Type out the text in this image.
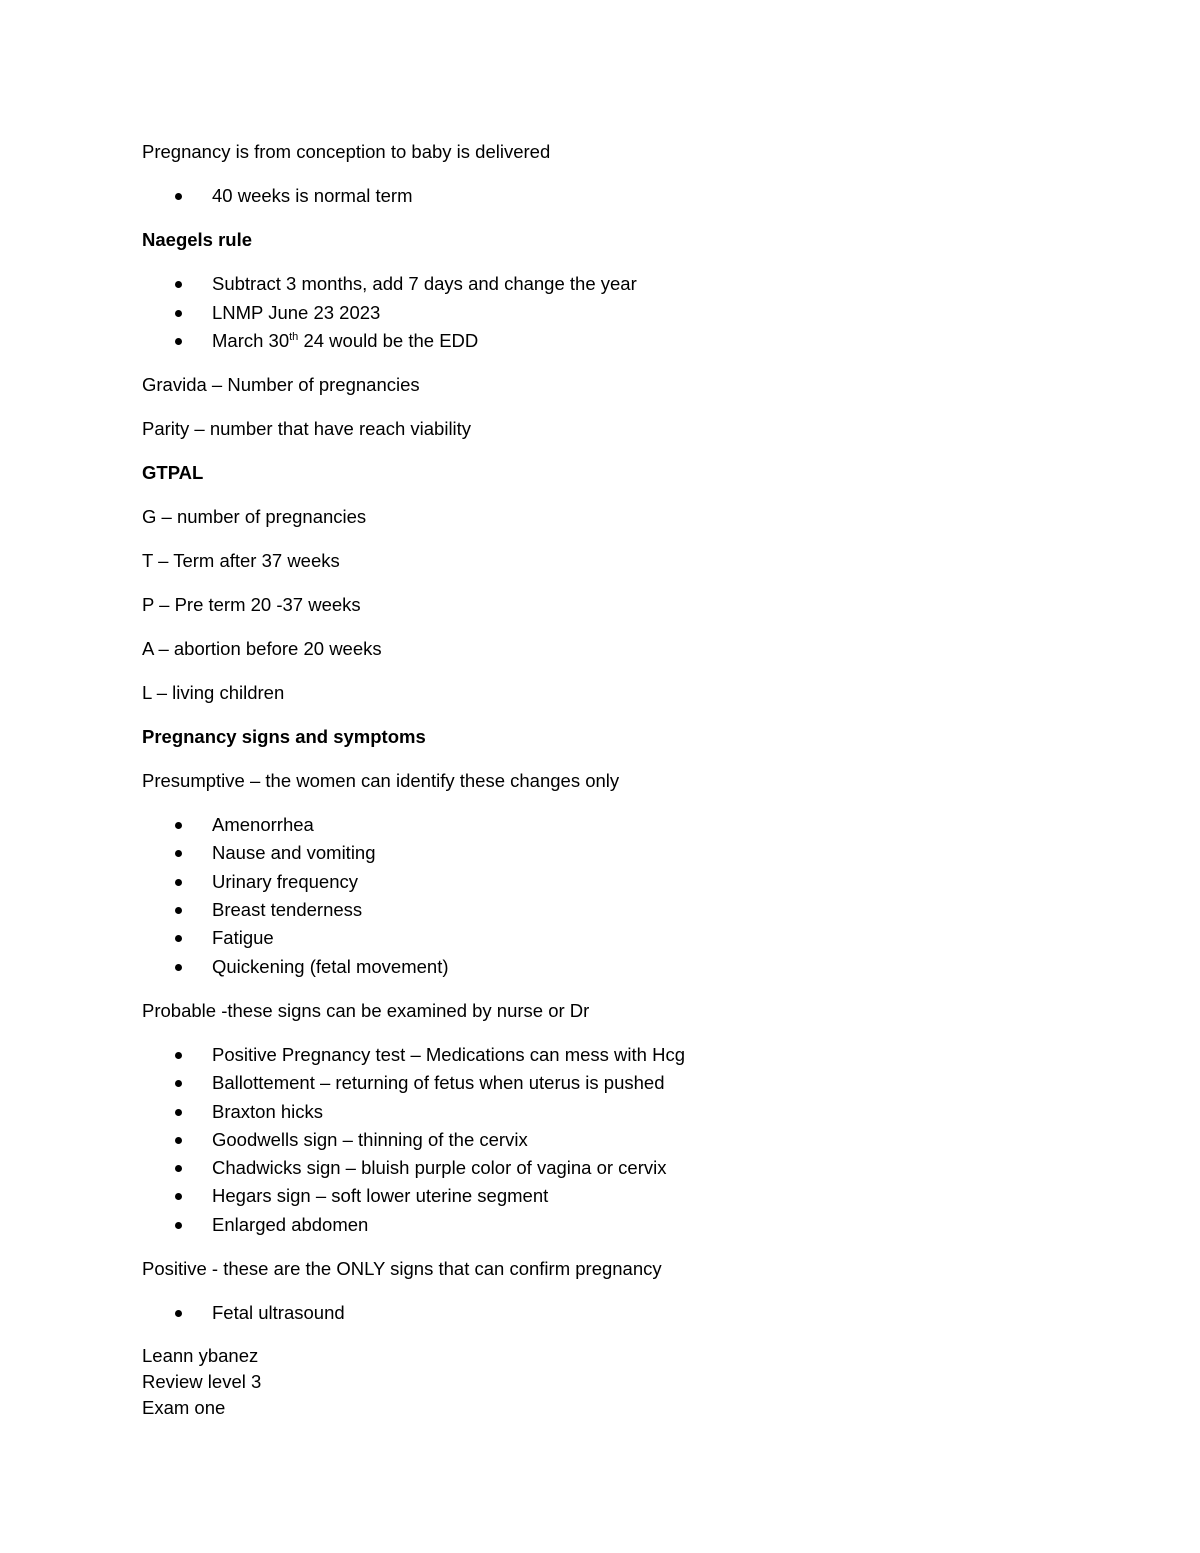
Pregnancy is from conception to baby is delivered

40 weeks is normal term

Naegels rule

Subtract 3 months, add 7 days and change the year
LNMP June 23 2023
March 30th 24 would be the EDD

Gravida – Number of pregnancies

Parity – number that have reach viability

GTPAL

G – number of pregnancies

T – Term after 37 weeks

P – Pre term 20 -37 weeks

A – abortion before 20 weeks

L – living children

Pregnancy signs and symptoms

Presumptive – the women can identify these changes only

Amenorrhea
Nause and vomiting
Urinary frequency
Breast tenderness
Fatigue
Quickening (fetal movement)

Probable -these signs can be examined by nurse or Dr

Positive Pregnancy test – Medications can mess with Hcg
Ballottement – returning of fetus when uterus is pushed
Braxton hicks
Goodwells sign – thinning of the cervix
Chadwicks sign – bluish purple color of vagina or cervix
Hegars sign – soft lower uterine segment
Enlarged abdomen

Positive - these are the ONLY signs that can confirm pregnancy

Fetal ultrasound

Leann ybanez

Review level 3

Exam one
